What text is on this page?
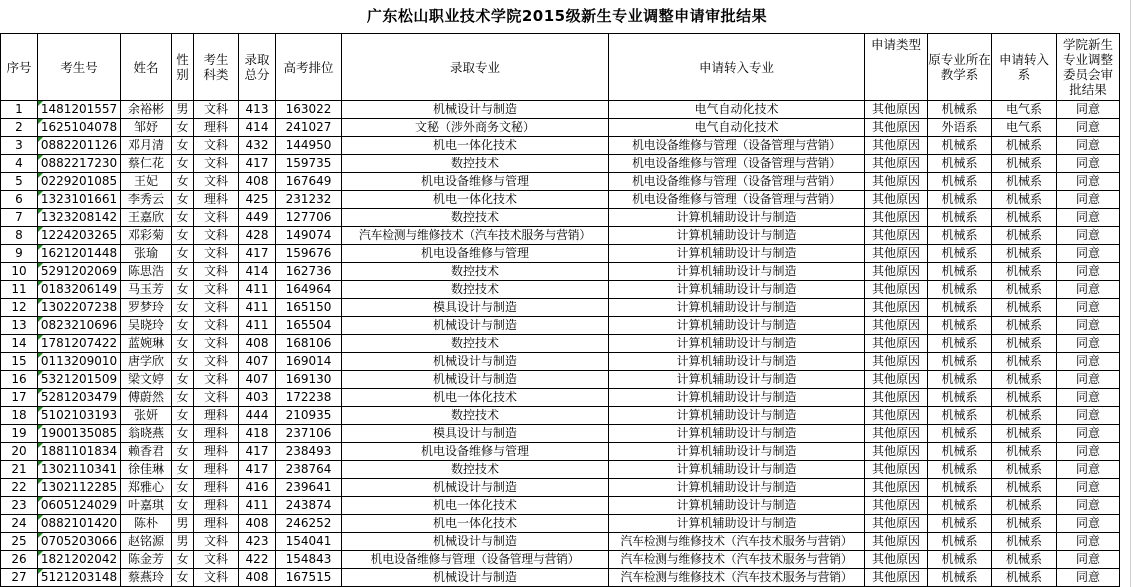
广东松山职业技术学院2015级新生专业调整申请审批结果
序号	考生号	姓名	性别	考生科类	录取总分	高考排位	录取专业	申请转入专业	申请类型	原专业所在教学系	申请转入系	学院新生专业调整委员会审批结果
1	1481201557	余裕彬	男	文科	413	163022	机械设计与制造	电气自动化技术	其他原因	机械系	电气系	同意
2	1625104078	邹妤	女	理科	414	241027	文秘（涉外商务文秘）	电气自动化技术	其他原因	外语系	电气系	同意
3	0882201126	邓月清	女	文科	432	144950	机电一体化技术	机电设备维修与管理（设备管理与营销）	其他原因	机械系	机械系	同意
4	0882217230	蔡仁花	女	文科	417	159735	数控技术	机电设备维修与管理（设备管理与营销）	其他原因	机械系	机械系	同意
5	0229201085	王妃	女	文科	408	167649	机电设备维修与管理	机电设备维修与管理（设备管理与营销）	其他原因	机械系	机械系	同意
6	1323101661	李秀云	女	理科	425	231232	机电一体化技术	机电设备维修与管理（设备管理与营销）	其他原因	机械系	机械系	同意
7	1323208142	王嘉欣	女	文科	449	127706	数控技术	计算机辅助设计与制造	其他原因	机械系	机械系	同意
8	1224203265	邓彩菊	女	文科	428	149074	汽车检测与维修技术（汽车技术服务与营销）	计算机辅助设计与制造	其他原因	机械系	机械系	同意
9	1621201448	张瑜	女	文科	417	159676	机电设备维修与管理	计算机辅助设计与制造	其他原因	机械系	机械系	同意
10	5291202069	陈思浩	女	文科	414	162736	数控技术	计算机辅助设计与制造	其他原因	机械系	机械系	同意
11	0183206149	马玉芳	女	文科	411	164964	数控技术	计算机辅助设计与制造	其他原因	机械系	机械系	同意
12	1302207238	罗梦玲	女	文科	411	165150	模具设计与制造	计算机辅助设计与制造	其他原因	机械系	机械系	同意
13	0823210696	吴晓玲	女	文科	411	165504	机械设计与制造	计算机辅助设计与制造	其他原因	机械系	机械系	同意
14	1781207422	蓝婉琳	女	文科	408	168106	数控技术	计算机辅助设计与制造	其他原因	机械系	机械系	同意
15	0113209010	唐学欣	女	文科	407	169014	机械设计与制造	计算机辅助设计与制造	其他原因	机械系	机械系	同意
16	5321201509	梁文婷	女	文科	407	169130	机械设计与制造	计算机辅助设计与制造	其他原因	机械系	机械系	同意
17	5281203479	傅蔚然	女	文科	403	172238	机电一体化技术	计算机辅助设计与制造	其他原因	机械系	机械系	同意
18	5102103193	张妍	女	理科	444	210935	数控技术	计算机辅助设计与制造	其他原因	机械系	机械系	同意
19	1900135085	翁晓燕	女	理科	418	237106	模具设计与制造	计算机辅助设计与制造	其他原因	机械系	机械系	同意
20	1881101834	赖香君	女	理科	417	238493	机电设备维修与管理	计算机辅助设计与制造	其他原因	机械系	机械系	同意
21	1302110341	徐佳琳	女	理科	417	238764	数控技术	计算机辅助设计与制造	其他原因	机械系	机械系	同意
22	1302112285	郑雅心	女	理科	416	239641	机械设计与制造	计算机辅助设计与制造	其他原因	机械系	机械系	同意
23	0605124029	叶嘉琪	女	理科	411	243874	机电一体化技术	计算机辅助设计与制造	其他原因	机械系	机械系	同意
24	0882101420	陈朴	男	理科	408	246252	机电一体化技术	计算机辅助设计与制造	其他原因	机械系	机械系	同意
25	0705203066	赵铭源	男	文科	423	154041	机械设计与制造	汽车检测与维修技术（汽车技术服务与营销）	其他原因	机械系	机械系	同意
26	1821202042	陈金芳	女	文科	422	154843	机电设备维修与管理（设备管理与营销）	汽车检测与维修技术（汽车技术服务与营销）	其他原因	机械系	机械系	同意
27	5121203148	蔡燕玲	女	文科	408	167515	机械设计与制造	汽车检测与维修技术（汽车技术服务与营销）	其他原因	机械系	机械系	同意
